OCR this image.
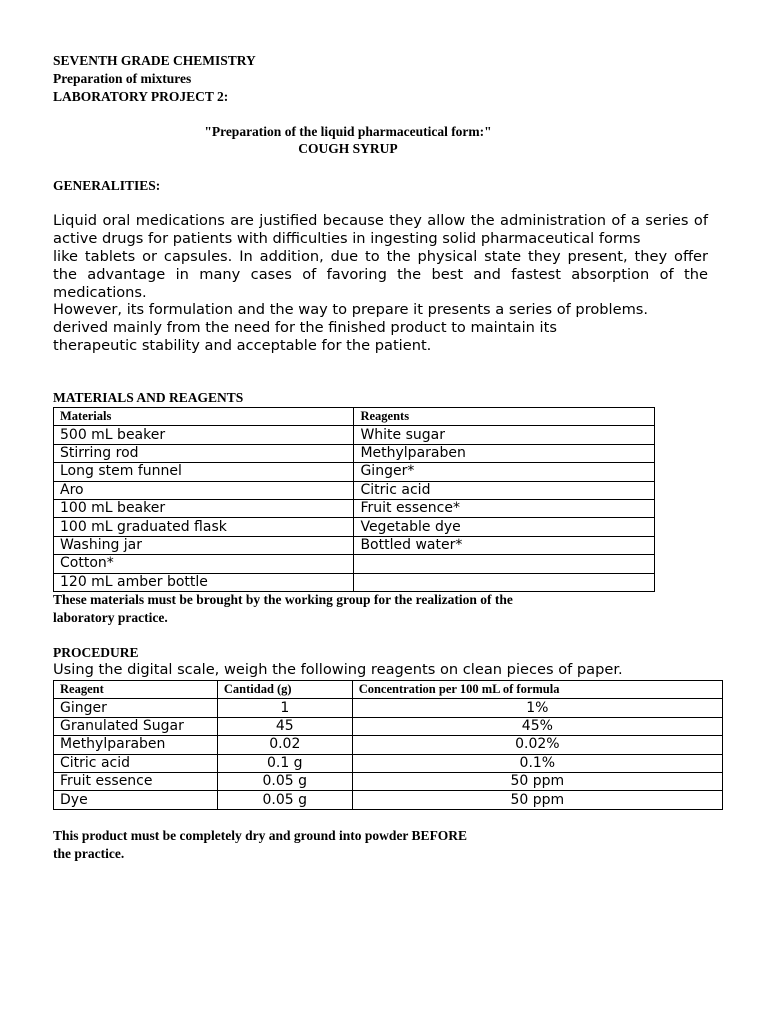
SEVENTH GRADE CHEMISTRY
Preparation of mixtures
LABORATORY PROJECT 2:
"Preparation of the liquid pharmaceutical form:"
COUGH SYRUP
GENERALITIES:
Liquid oral medications are justified because they allow the administration of a series of
active drugs for patients with difficulties in ingesting solid pharmaceutical forms
like tablets or capsules. In addition, due to the physical state they present, they offer
the advantage in many cases of favoring the best and fastest absorption of the
medications.
However, its formulation and the way to prepare it presents a series of problems.
derived mainly from the need for the finished product to maintain its
therapeutic stability and acceptable for the patient.
MATERIALS AND REAGENTS
Materials	Reagents
500 mL beaker	White sugar
Stirring rod	Methylparaben
Long stem funnel	Ginger*
Aro	Citric acid
100 mL beaker	Fruit essence*
100 mL graduated flask	Vegetable dye
Washing jar	Bottled water*
Cotton*	
120 mL amber bottle	
These materials must be brought by the working group for the realization of the
laboratory practice.
PROCEDURE
Using the digital scale, weigh the following reagents on clean pieces of paper.
Reagent	Cantidad (g)	Concentration per 100 mL of formula
Ginger	1	1%
Granulated Sugar	45	45%
Methylparaben	0.02	0.02%
Citric acid	0.1 g	0.1%
Fruit essence	0.05 g	50 ppm
Dye	0.05 g	50 ppm
This product must be completely dry and ground into powder BEFORE
the practice.
